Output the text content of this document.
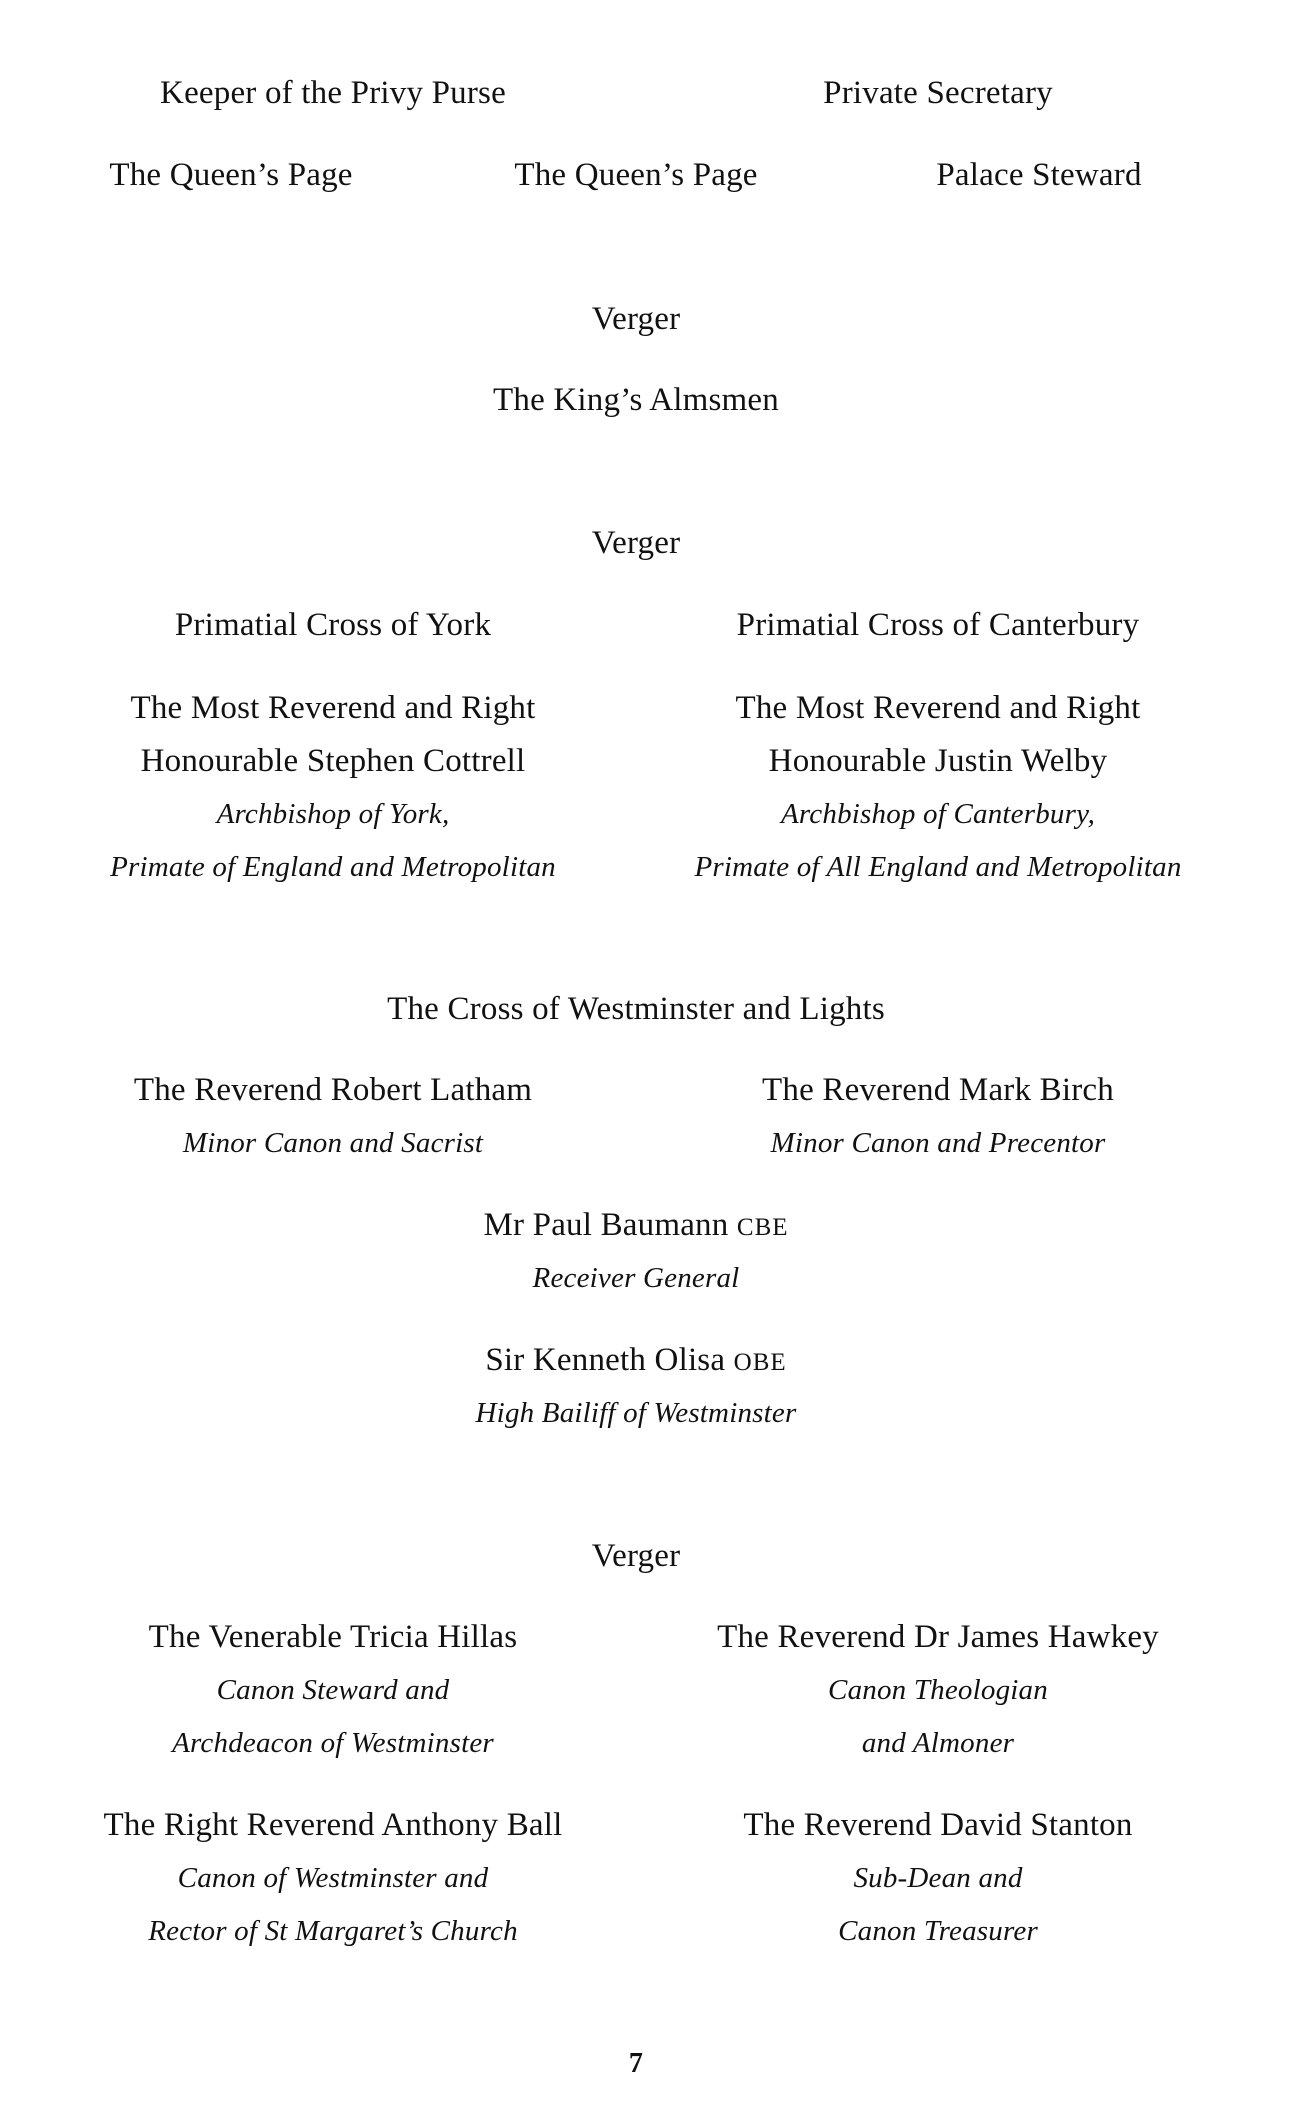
Keeper of the Privy Purse	Private Secretary
The Queen’s Page	The Queen’s Page	Palace Steward
Verger
The King’s Almsmen
Verger
Primatial Cross of York	Primatial Cross of Canterbury
The Most Reverend and Right
Honourable Stephen Cottrell
Archbishop of York,
Primate of England and Metropolitan
The Most Reverend and Right
Honourable Justin Welby
Archbishop of Canterbury,
Primate of All England and Metropolitan
The Cross of Westminster and Lights
The Reverend Robert Latham
Minor Canon and Sacrist
The Reverend Mark Birch
Minor Canon and Precentor
Mr Paul Baumann CBE
Receiver General
Sir Kenneth Olisa OBE
High Bailiff of Westminster
Verger
The Venerable Tricia Hillas
Canon Steward and
Archdeacon of Westminster
The Reverend Dr James Hawkey
Canon Theologian
and Almoner
The Right Reverend Anthony Ball
Canon of Westminster and
Rector of St Margaret’s Church
The Reverend David Stanton
Sub-Dean and
Canon Treasurer
7
